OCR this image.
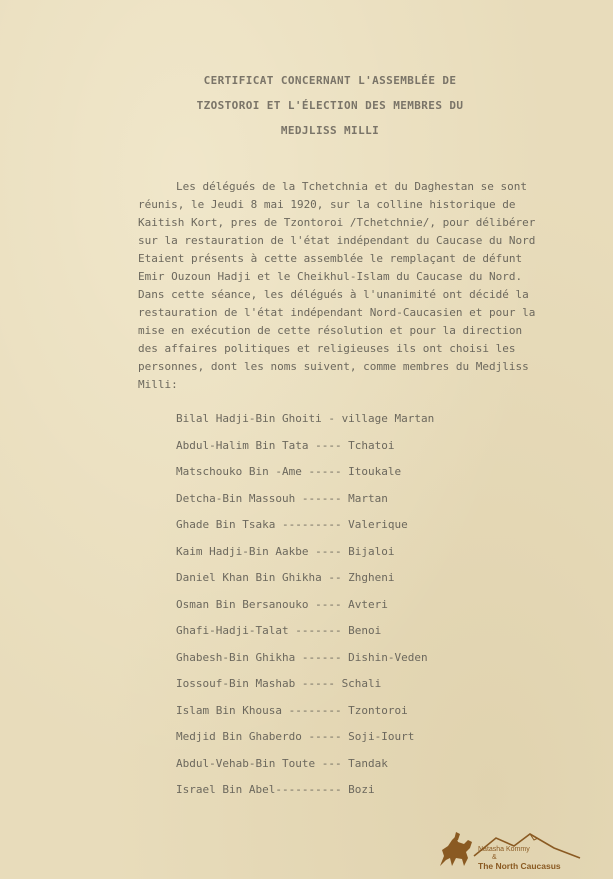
CERTIFICAT CONCERNANT L'ASSEMBLÉE DE
TZOSTOROI ET L'ÉLECTION DES MEMBRES DU
MEDJLISS MILLI
Les délégués de la Tchetchnia et du Daghestan se sont
réunis, le Jeudi 8 mai 1920, sur la colline historique de
Kaitish Kort, pres de Tzontoroi /Tchetchnie/, pour délibérer
sur la restauration de l'état indépendant du Caucase du Nord
Etaient présents à cette assemblée le remplaçant de défunt
Emir Ouzoun Hadji et le Cheikhul-Islam du Caucase du Nord.
Dans cette séance, les délégués à l'unanimité ont décidé la
restauration de l'état indépendant Nord-Caucasien et pour la
mise en exécution de cette résolution et pour la direction
des affaires politiques et religieuses ils ont choisi les
personnes, dont les noms suivent, comme membres du Medjliss
Milli:
Bilal Hadji-Bin Ghoiti - village Martan
Abdul-Halim Bin Tata ---- Tchatoi
Matschouko Bin -Ame ----- Itoukale
Detcha-Bin Massouh ------ Martan
Ghade Bin Tsaka --------- Valerique
Kaim Hadji-Bin Aakbe ---- Bijaloi
Daniel Khan Bin Ghikha -- Zhgheni
Osman Bin Bersanouko ---- Avteri
Ghafi-Hadji-Talat ------- Benoi
Ghabesh-Bin Ghikha ------ Dishin-Veden
Iossouf-Bin Mashab ----- Schali
Islam Bin Khousa -------- Tzontoroi
Medjid Bin Ghaberdo ----- Soji-Iourt
Abdul-Vehab-Bin Toute --- Tandak
Israel Bin Abel---------- Bozi
Natasha Kommy
&
The North Caucasus
